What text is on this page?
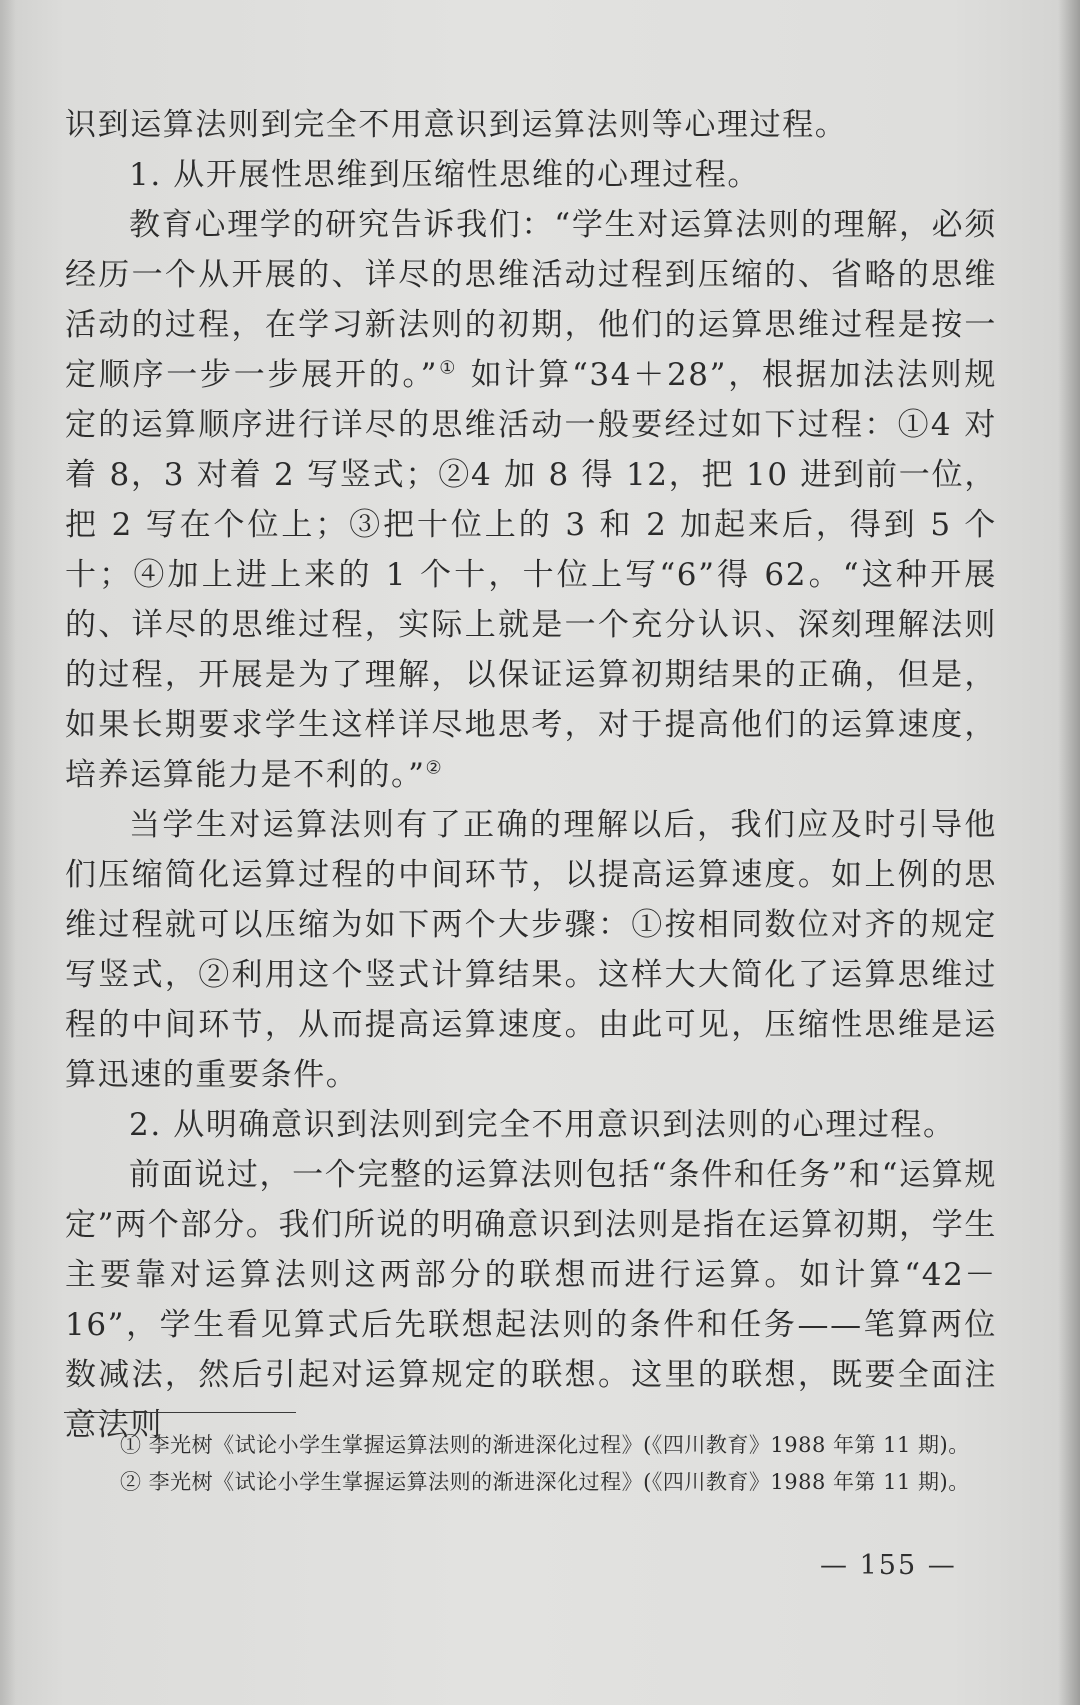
识到运算法则到完全不用意识到运算法则等心理过程。

1. 从开展性思维到压缩性思维的心理过程。

教育心理学的研究告诉我们：“学生对运算法则的理解，必须经历一个从开展的、详尽的思维活动过程到压缩的、省略的思维活动的过程，在学习新法则的初期，他们的运算思维过程是按一定顺序一步一步展开的。”① 如计算“34＋28”，根据加法法则规定的运算顺序进行详尽的思维活动一般要经过如下过程：①4 对着 8，3 对着 2 写竖式；②4 加 8 得 12，把 10 进到前一位，把 2 写在个位上；③把十位上的 3 和 2 加起来后，得到 5 个十；④加上进上来的 1 个十，十位上写“6”得 62。“这种开展的、详尽的思维过程，实际上就是一个充分认识、深刻理解法则的过程，开展是为了理解，以保证运算初期结果的正确，但是，如果长期要求学生这样详尽地思考，对于提高他们的运算速度，培养运算能力是不利的。”②

当学生对运算法则有了正确的理解以后，我们应及时引导他们压缩简化运算过程的中间环节，以提高运算速度。如上例的思维过程就可以压缩为如下两个大步骤：①按相同数位对齐的规定写竖式，②利用这个竖式计算结果。这样大大简化了运算思维过程的中间环节，从而提高运算速度。由此可见，压缩性思维是运算迅速的重要条件。

2. 从明确意识到法则到完全不用意识到法则的心理过程。

前面说过，一个完整的运算法则包括“条件和任务”和“运算规定”两个部分。我们所说的明确意识到法则是指在运算初期，学生主要靠对运算法则这两部分的联想而进行运算。如计算“42－16”，学生看见算式后先联想起法则的条件和任务——笔算两位数减法，然后引起对运算规定的联想。这里的联想，既要全面注意法则

① 李光树《试论小学生掌握运算法则的渐进深化过程》(《四川教育》1988 年第 11 期)。

② 李光树《试论小学生掌握运算法则的渐进深化过程》(《四川教育》1988 年第 11 期)。

— 155 —
